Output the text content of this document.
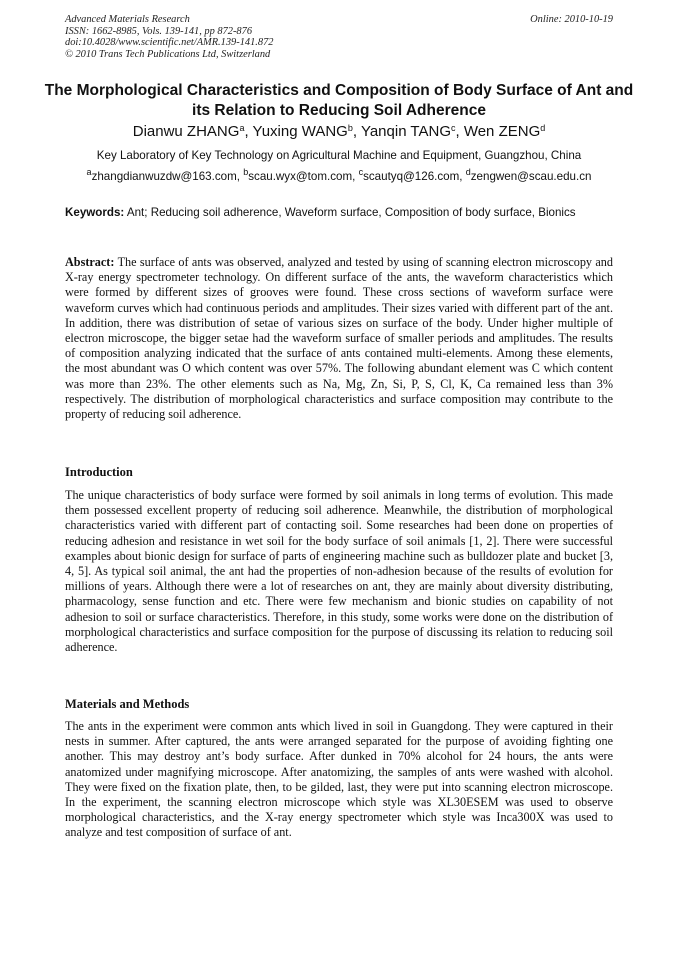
Advanced Materials Research
ISSN: 1662-8985, Vols. 139-141, pp 872-876
doi:10.4028/www.scientific.net/AMR.139-141.872
© 2010 Trans Tech Publications Ltd, Switzerland
Online: 2010-10-19
The Morphological Characteristics and Composition of Body Surface of Ant and its Relation to Reducing Soil Adherence
Dianwu ZHANG$^a$, Yuxing WANG$^b$, Yanqin TANG$^c$, Wen ZENG$^d$
Key Laboratory of Key Technology on Agricultural Machine and Equipment, Guangzhou, China
$^a$zhangdianwuzdw@163.com, $^b$scau.wyx@tom.com, $^c$scautyq@126.com, $^d$zengwen@scau.edu.cn
Keywords: Ant; Reducing soil adherence, Waveform surface, Composition of body surface, Bionics

Abstract: The surface of ants was observed, analyzed and tested by using of scanning electron microscopy and X-ray energy spectrometer technology. On different surface of the ants, the waveform characteristics which were formed by different sizes of grooves were found. These cross sections of waveform surface were waveform curves which had continuous periods and amplitudes. Their sizes varied with different part of the ant. In addition, there was distribution of setae of various sizes on surface of the body. Under higher multiple of electron microscope, the bigger setae had the waveform surface of smaller periods and amplitudes. The results of composition analyzing indicated that the surface of ants contained multi-elements. Among these elements, the most abundant was O which content was over 57%. The following abundant element was C which content was more than 23%. The other elements such as Na, Mg, Zn, Si, P, S, Cl, K, Ca remained less than 3% respectively. The distribution of morphological characteristics and surface composition may contribute to the property of reducing soil adherence.

Introduction

The unique characteristics of body surface were formed by soil animals in long terms of evolution. This made them possessed excellent property of reducing soil adherence. Meanwhile, the distribution of morphological characteristics varied with different part of contacting soil. Some researches had been done on properties of reducing adhesion and resistance in wet soil for the body surface of soil animals [1, 2]. There were successful examples about bionic design for surface of parts of engineering machine such as bulldozer plate and bucket [3, 4, 5]. As typical soil animal, the ant had the properties of non-adhesion because of the results of evolution for millions of years. Although there were a lot of researches on ant, they are mainly about diversity distributing, pharmacology, sense function and etc. There were few mechanism and bionic studies on capability of not adhesion to soil or surface characteristics. Therefore, in this study, some works were done on the distribution of morphological characteristics and surface composition for the purpose of discussing its relation to reducing soil adherence.

Materials and Methods

The ants in the experiment were common ants which lived in soil in Guangdong. They were captured in their nests in summer. After captured, the ants were arranged separated for the purpose of avoiding fighting one another. This may destroy ant’s body surface. After dunked in 70% alcohol for 24 hours, the ants were anatomized under magnifying microscope. After anatomizing, the samples of ants were washed with alcohol. They were fixed on the fixation plate, then, to be gilded, last, they were put into scanning electron microscope. In the experiment, the scanning electron microscope which style was XL30ESEM was used to observe morphological characteristics, and the X-ray energy spectrometer which style was Inca300X was used to analyze and test composition of surface of ant.
